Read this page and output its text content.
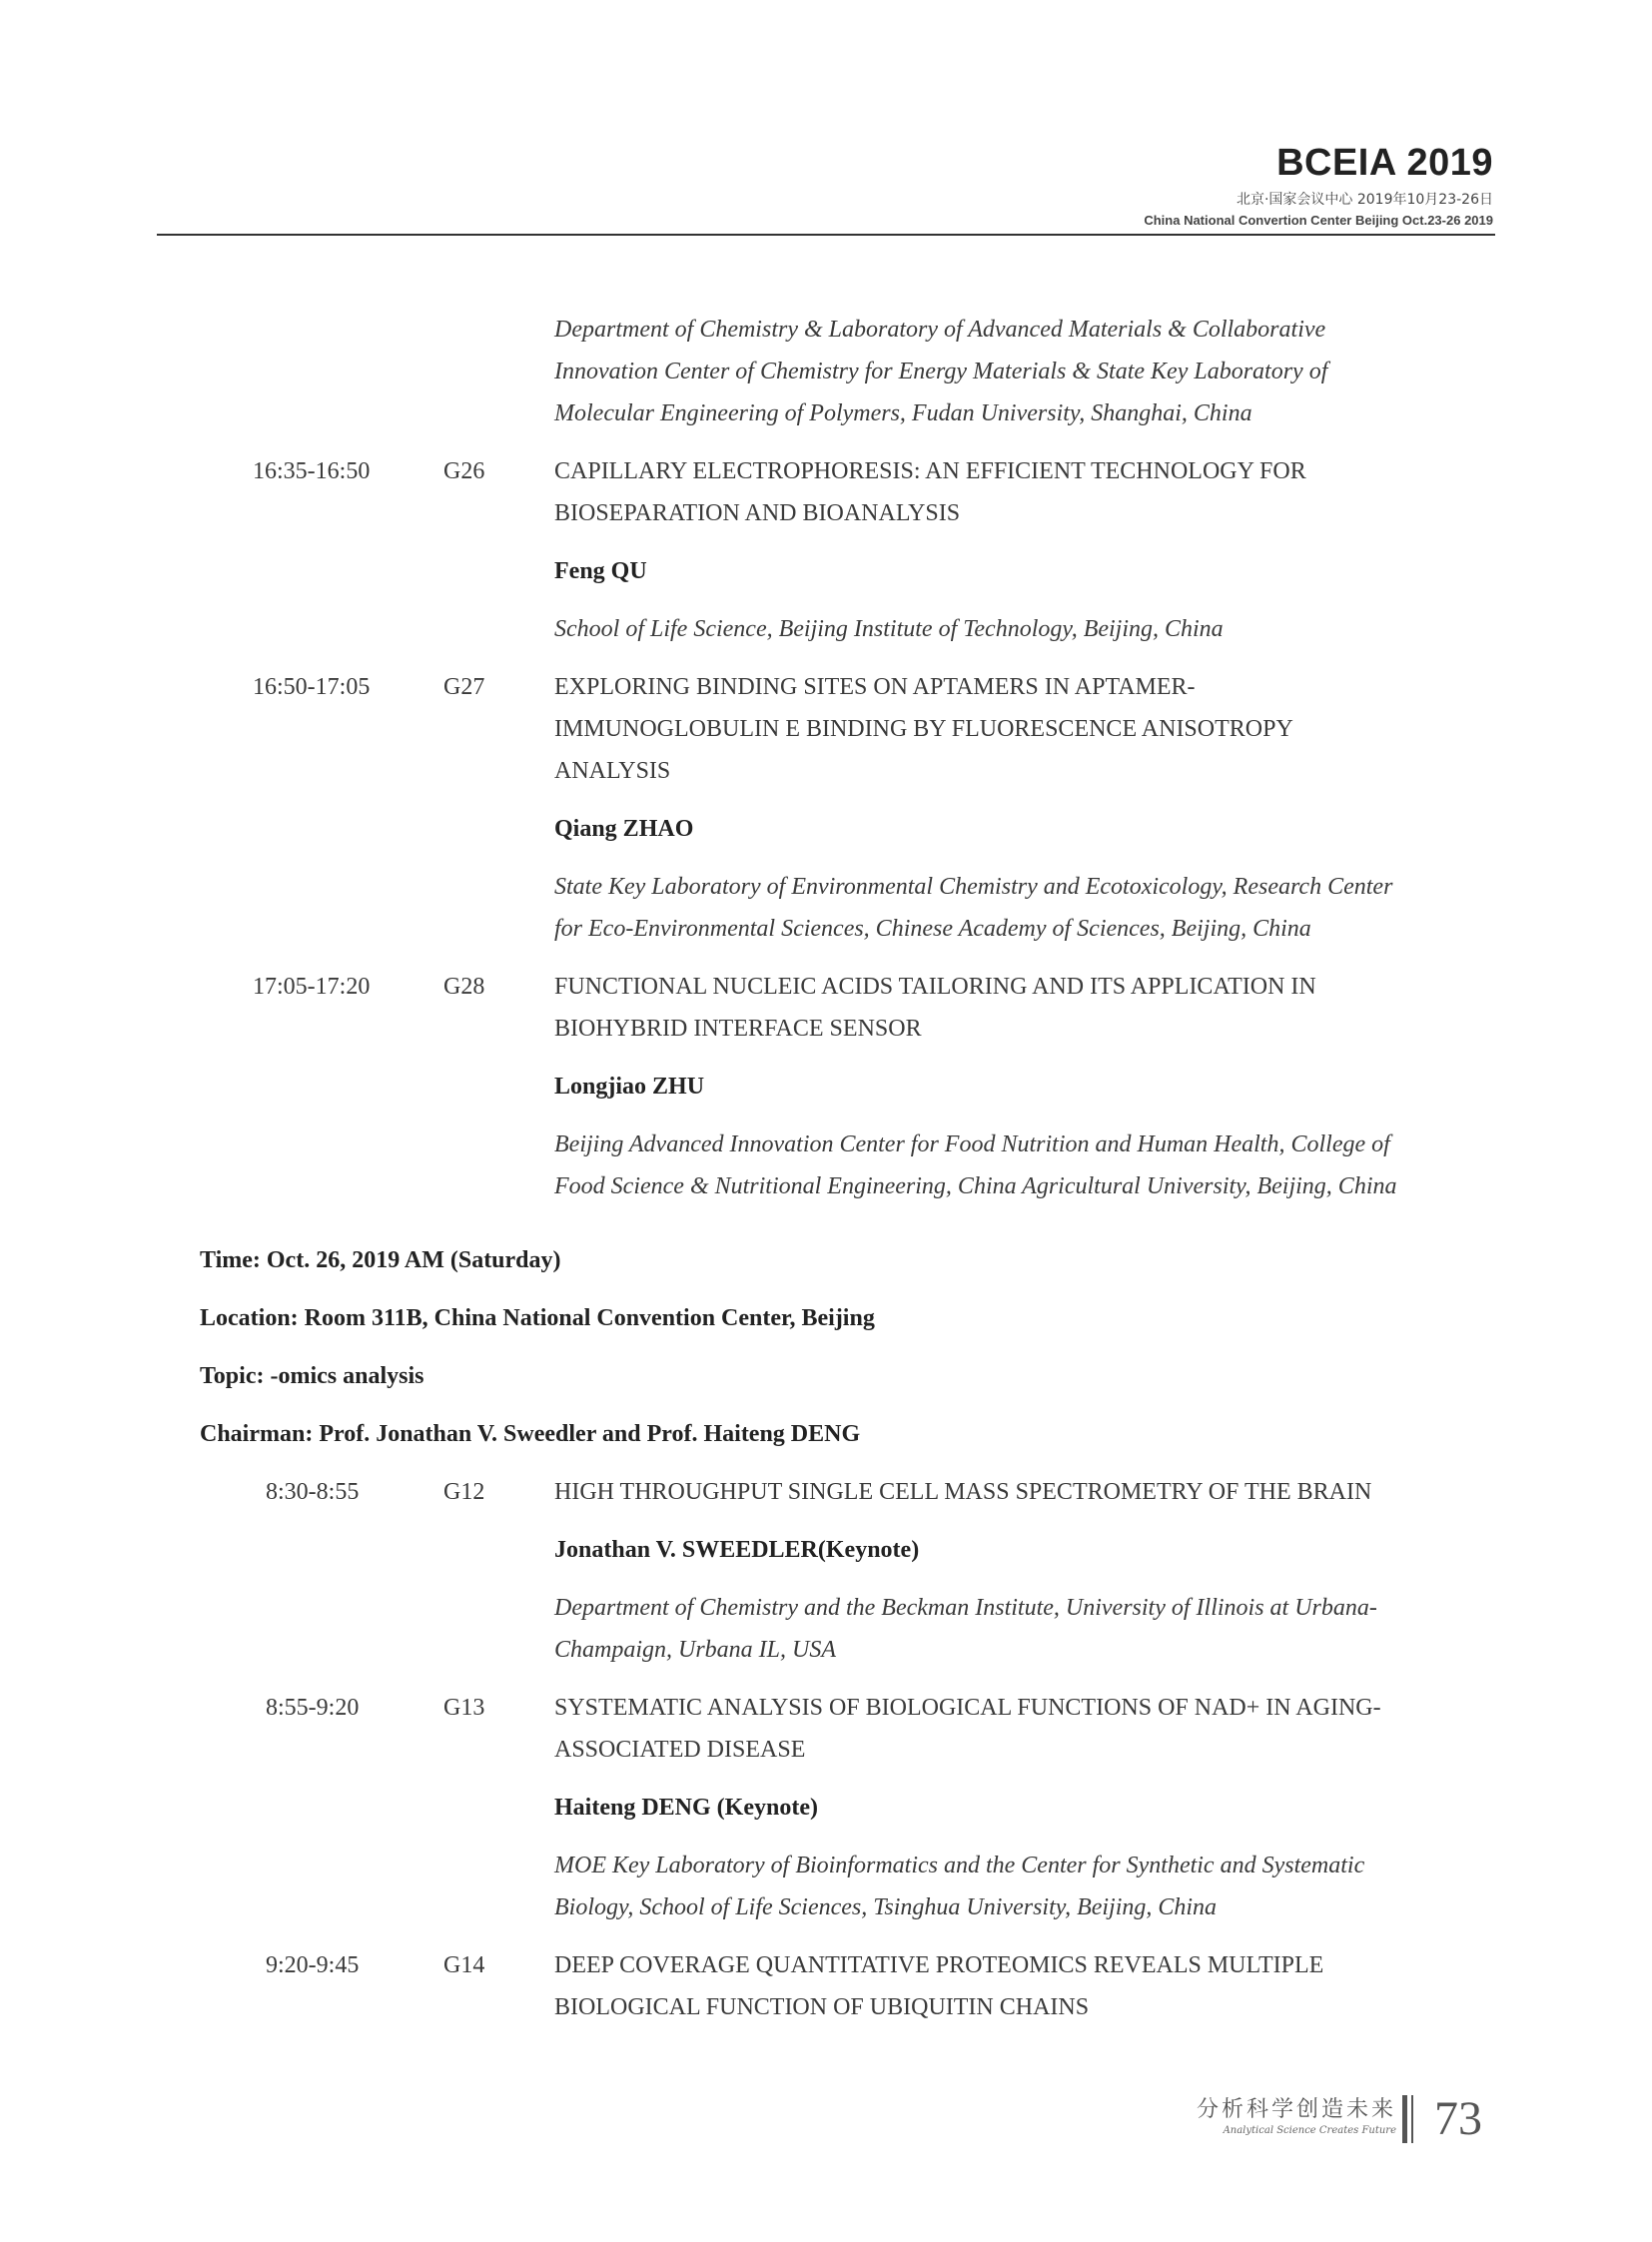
BCEIA 2019
北京·国家会议中心 2019年10月23-26日
China National Convertion Center Beijing Oct.23-26 2019
Department of Chemistry & Laboratory of Advanced Materials & Collaborative
Innovation Center of Chemistry for Energy Materials & State Key Laboratory of
Molecular Engineering of Polymers, Fudan University, Shanghai, China
16:35-16:50	G26	CAPILLARY ELECTROPHORESIS: AN EFFICIENT TECHNOLOGY FOR
BIOSEPARATION AND BIOANALYSIS
Feng QU
School of Life Science, Beijing Institute of Technology, Beijing, China
16:50-17:05	G27	EXPLORING BINDING SITES ON APTAMERS IN APTAMER-
IMMUNOGLOBULIN E BINDING BY FLUORESCENCE ANISOTROPY
ANALYSIS
Qiang ZHAO
State Key Laboratory of Environmental Chemistry and Ecotoxicology, Research Center
for Eco-Environmental Sciences, Chinese Academy of Sciences, Beijing, China
17:05-17:20	G28	FUNCTIONAL NUCLEIC ACIDS TAILORING AND ITS APPLICATION IN
BIOHYBRID INTERFACE SENSOR
Longjiao ZHU
Beijing Advanced Innovation Center for Food Nutrition and Human Health, College of
Food Science & Nutritional Engineering, China Agricultural University, Beijing, China
Time: Oct. 26, 2019 AM (Saturday)
Location: Room 311B, China National Convention Center, Beijing
Topic: -omics analysis
Chairman: Prof. Jonathan V. Sweedler and Prof. Haiteng DENG
8:30-8:55	G12	HIGH THROUGHPUT SINGLE CELL MASS SPECTROMETRY OF THE BRAIN
Jonathan V. SWEEDLER(Keynote)
Department of Chemistry and the Beckman Institute, University of Illinois at Urbana-
Champaign, Urbana IL, USA
8:55-9:20	G13	SYSTEMATIC ANALYSIS OF BIOLOGICAL FUNCTIONS OF NAD+ IN AGING-
ASSOCIATED DISEASE
Haiteng DENG (Keynote)
MOE Key Laboratory of Bioinformatics and the Center for Synthetic and Systematic
Biology, School of Life Sciences, Tsinghua University, Beijing, China
9:20-9:45	G14	DEEP COVERAGE QUANTITATIVE PROTEOMICS REVEALS MULTIPLE
BIOLOGICAL FUNCTION OF UBIQUITIN CHAINS
分析科学创造未来
Analytical Science Creates Future 73
